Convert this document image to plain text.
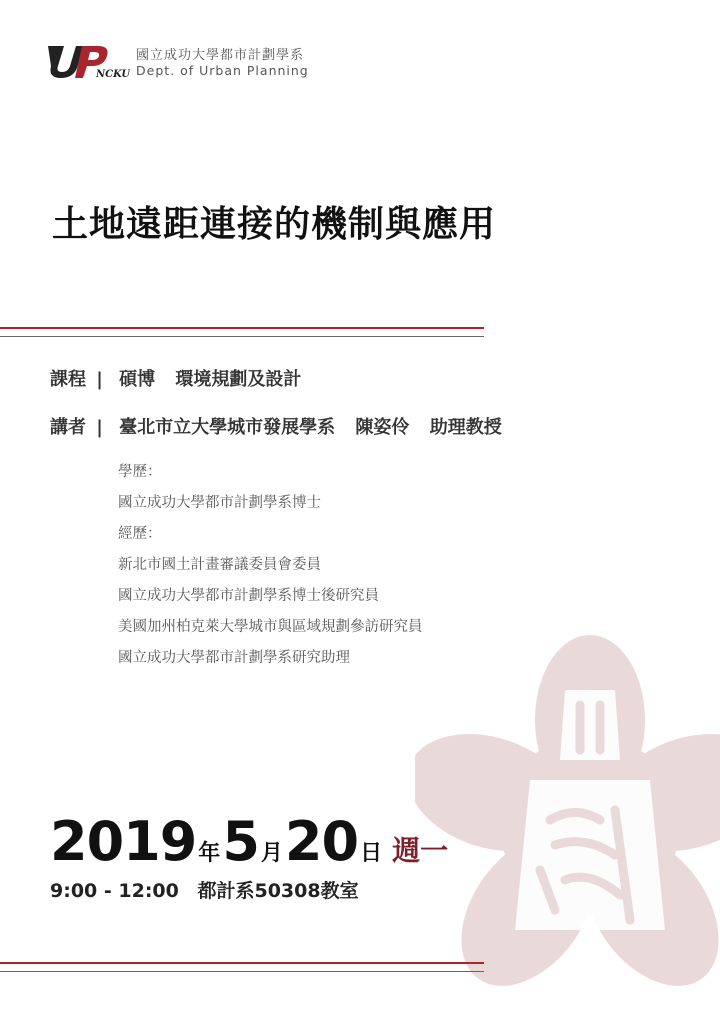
NCKU
國立成功大學都市計劃學系
Dept. of Urban Planning
土地遠距連接的機制與應用
課程 | 碩博 環境規劃及設計
講者 | 臺北市立大學城市發展學系 陳姿伶 助理教授
學歷：
國立成功大學都市計劃學系博士
經歷：
新北市國土計畫審議委員會委員
國立成功大學都市計劃學系博士後研究員
美國加州柏克萊大學城市與區域規劃參訪研究員
國立成功大學都市計劃學系研究助理
2019年5月20日 週一
9:00 - 12:00 都計系50308教室
